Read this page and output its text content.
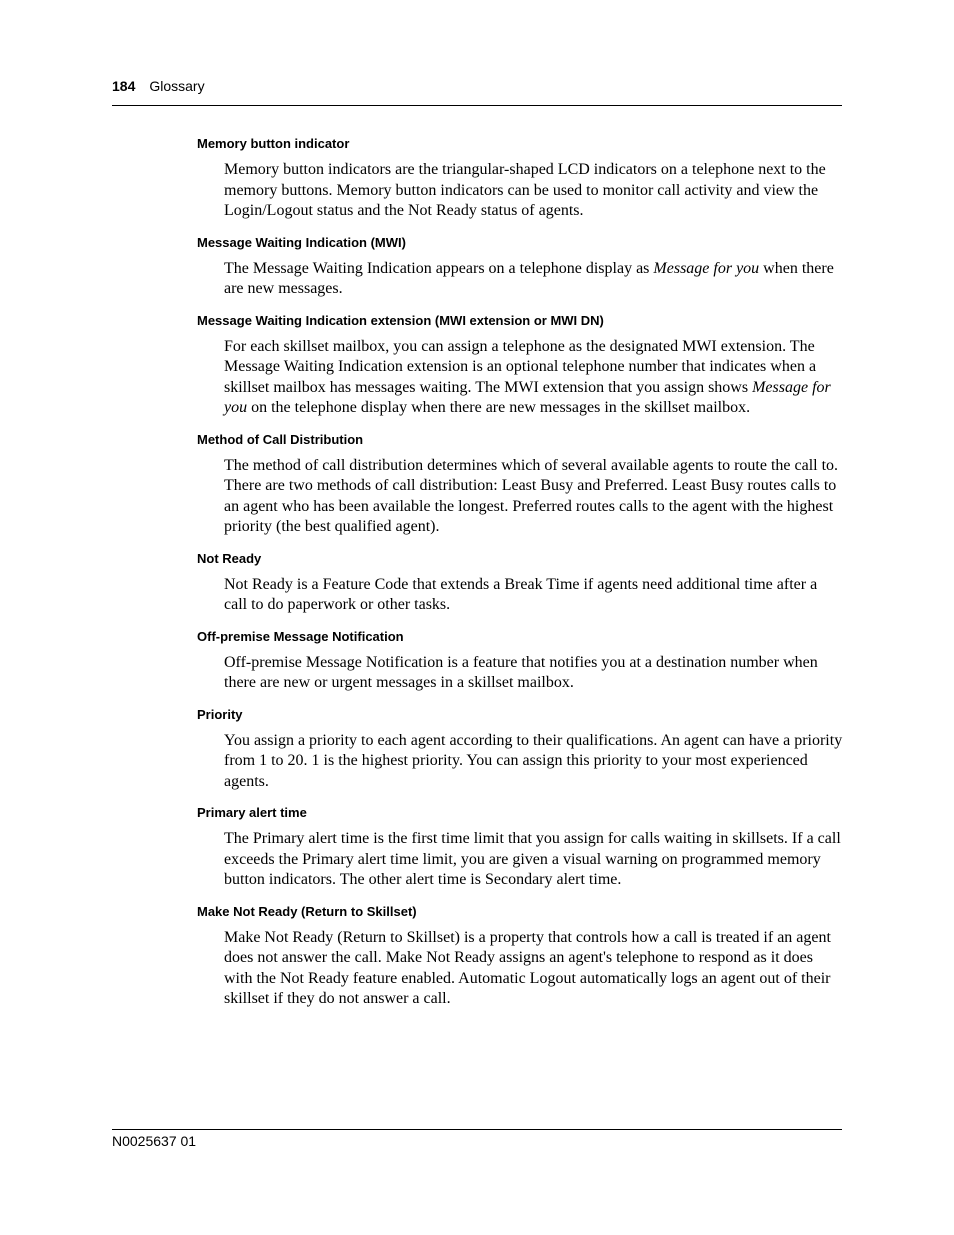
184 Glossary

Memory button indicator

Memory button indicators are the triangular-shaped LCD indicators on a telephone next to the memory buttons. Memory button indicators can be used to monitor call activity and view the Login/Logout status and the Not Ready status of agents.

Message Waiting Indication (MWI)

The Message Waiting Indication appears on a telephone display as Message for you when there are new messages.

Message Waiting Indication extension (MWI extension or MWI DN)

For each skillset mailbox, you can assign a telephone as the designated MWI extension. The Message Waiting Indication extension is an optional telephone number that indicates when a skillset mailbox has messages waiting. The MWI extension that you assign shows Message for you on the telephone display when there are new messages in the skillset mailbox.

Method of Call Distribution

The method of call distribution determines which of several available agents to route the call to. There are two methods of call distribution: Least Busy and Preferred. Least Busy routes calls to an agent who has been available the longest. Preferred routes calls to the agent with the highest priority (the best qualified agent).

Not Ready

Not Ready is a Feature Code that extends a Break Time if agents need additional time after a call to do paperwork or other tasks.

Off-premise Message Notification

Off-premise Message Notification is a feature that notifies you at a destination number when there are new or urgent messages in a skillset mailbox.

Priority

You assign a priority to each agent according to their qualifications. An agent can have a priority from 1 to 20. 1 is the highest priority. You can assign this priority to your most experienced agents.

Primary alert time

The Primary alert time is the first time limit that you assign for calls waiting in skillsets. If a call exceeds the Primary alert time limit, you are given a visual warning on programmed memory button indicators. The other alert time is Secondary alert time.

Make Not Ready (Return to Skillset)

Make Not Ready (Return to Skillset) is a property that controls how a call is treated if an agent does not answer the call. Make Not Ready assigns an agent's telephone to respond as it does with the Not Ready feature enabled. Automatic Logout automatically logs an agent out of their skillset if they do not answer a call.

N0025637 01
